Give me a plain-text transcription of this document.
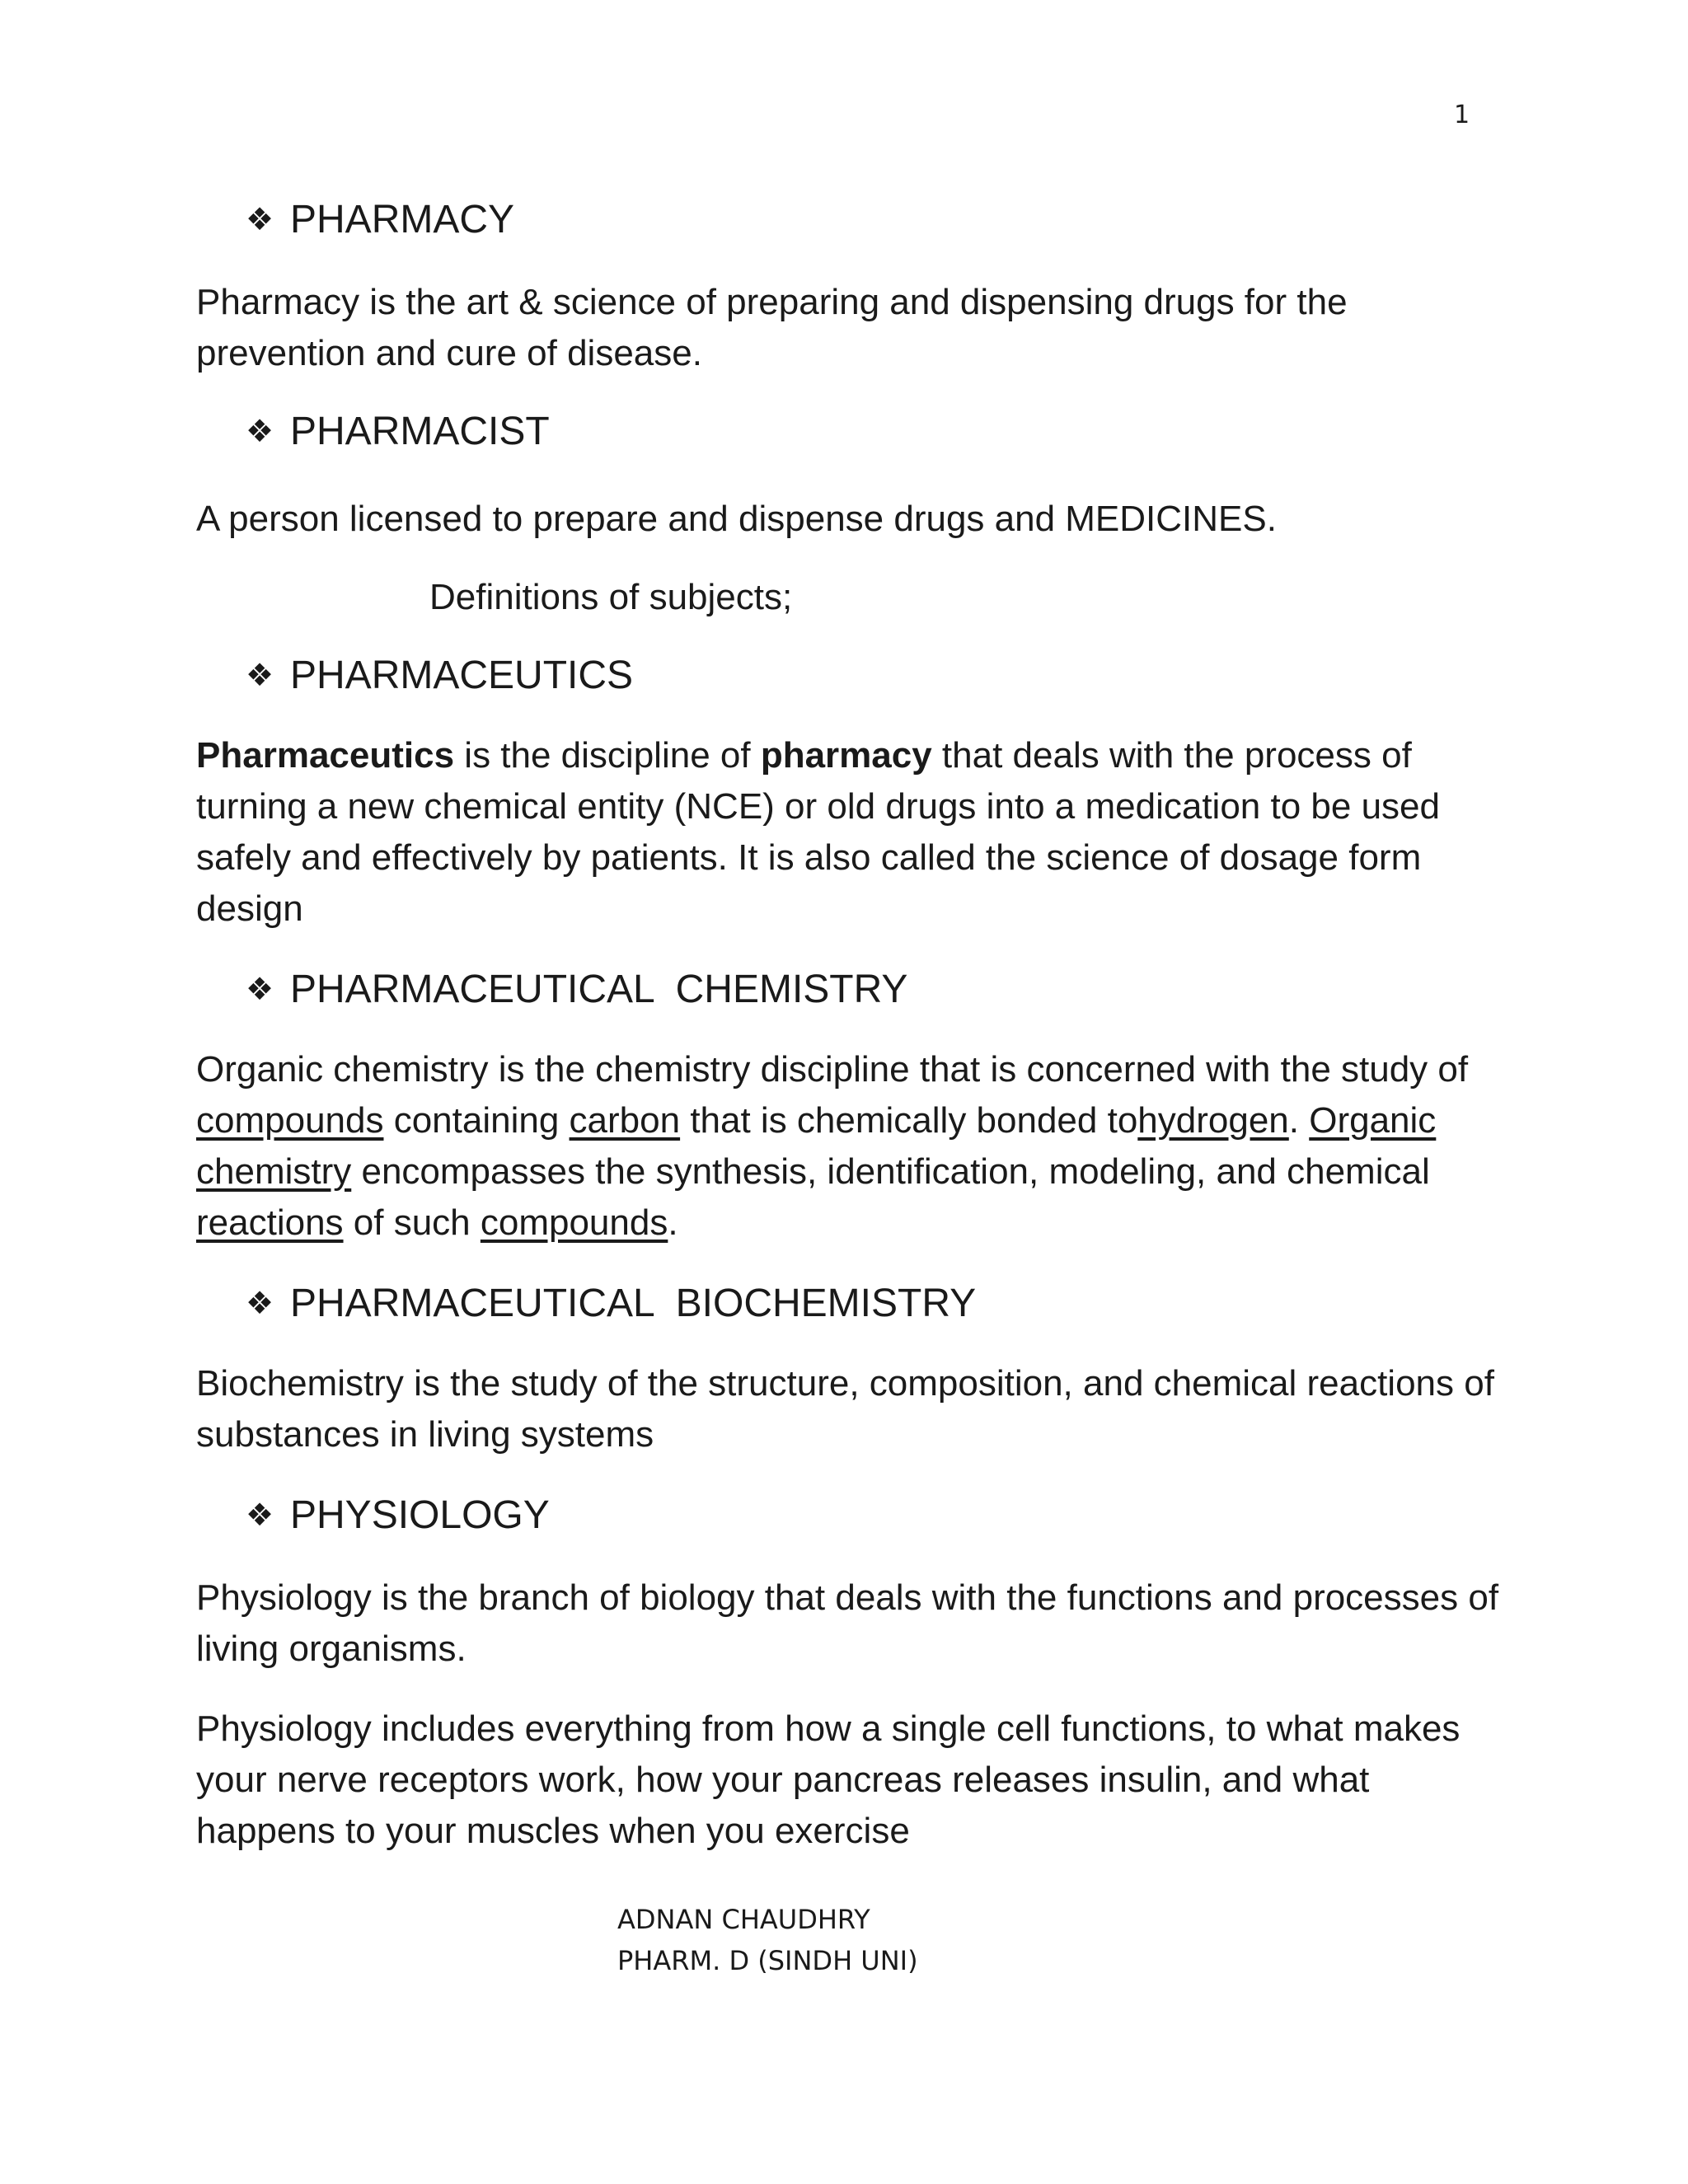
1
❖ PHARMACY
Pharmacy is the art & science of preparing and dispensing drugs for the prevention and cure of disease.
❖ PHARMACIST
A person licensed to prepare and dispense drugs and MEDICINES.
Definitions of subjects;
❖ PHARMACEUTICS
Pharmaceutics is the discipline of pharmacy that deals with the process of turning a new chemical entity (NCE) or old drugs into a medication to be used safely and effectively by patients. It is also called the science of dosage form design
❖ PHARMACEUTICAL  CHEMISTRY
Organic chemistry is the chemistry discipline that is concerned with the study of compounds containing carbon that is chemically bonded tohydrogen. Organic chemistry encompasses the synthesis, identification, modeling, and chemical reactions of such compounds.
❖ PHARMACEUTICAL  BIOCHEMISTRY
Biochemistry is the study of the structure, composition, and chemical reactions of substances in living systems
❖ PHYSIOLOGY
Physiology is the branch of biology that deals with the functions and processes of living organisms.
Physiology includes everything from how a single cell functions, to what makes your nerve receptors work, how your pancreas releases insulin, and what happens to your muscles when you exercise
ADNAN CHAUDHRY
PHARM. D (SINDH UNI)
